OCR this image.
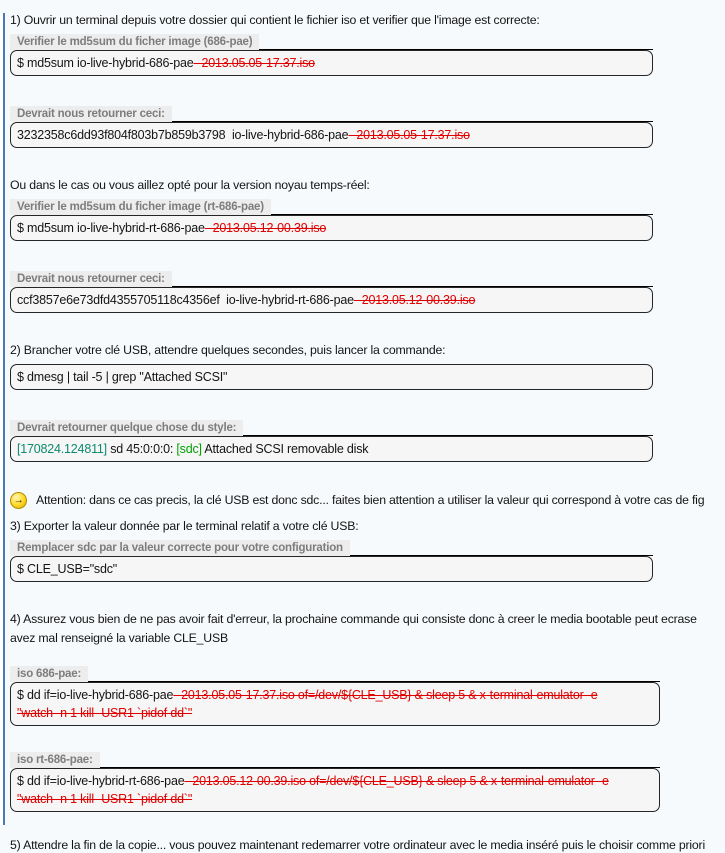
1) Ouvrir un terminal depuis votre dossier qui contient le fichier iso et verifier que l'image est correcte:
Verifier le md5sum du ficher image (686-pae)
$ md5sum io-live-hybrid-686-pae--2013.05.05-17.37.iso
Devrait nous retourner ceci:
3232358c6dd93f804f803b7b859b3798  io-live-hybrid-686-pae--2013.05.05-17.37.iso
Ou dans le cas ou vous aillez opté pour la version noyau temps-réel:
Verifier le md5sum du ficher image (rt-686-pae)
$ md5sum io-live-hybrid-rt-686-pae--2013.05.12-00.39.iso
Devrait nous retourner ceci:
ccf3857e6e73dfd4355705118c4356ef  io-live-hybrid-rt-686-pae--2013.05.12-00.39.iso
2) Brancher votre clé USB, attendre quelques secondes, puis lancer la commande:
$ dmesg | tail -5 | grep "Attached SCSI"
Devrait retourner quelque chose du style:
[170824.124811] sd 45:0:0:0: [sdc] Attached SCSI removable disk
→ Attention: dans ce cas precis, la clé USB est donc sdc... faites bien attention a utiliser la valeur qui correspond à votre cas de fig
3) Exporter la valeur donnée par le terminal relatif a votre clé USB:
Remplacer sdc par la valeur correcte pour votre configuration
$ CLE_USB="sdc"
4) Assurez vous bien de ne pas avoir fait d'erreur, la prochaine commande qui consiste donc à creer le media bootable peut ecrase
avez mal renseigné la variable CLE_USB
iso 686-pae:
$ dd if=io-live-hybrid-686-pae--2013.05.05-17.37.iso of=/dev/${CLE_USB} & sleep 5 & x-terminal-emulator -e
"watch -n 1 kill -USR1 `pidof dd`"
iso rt-686-pae:
$ dd if=io-live-hybrid-rt-686-pae--2013.05.12-00.39.iso of=/dev/${CLE_USB} & sleep 5 & x-terminal-emulator -e
"watch -n 1 kill -USR1 `pidof dd`"
5) Attendre la fin de la copie... vous pouvez maintenant redemarrer votre ordinateur avec le media inséré puis le choisir comme priori
